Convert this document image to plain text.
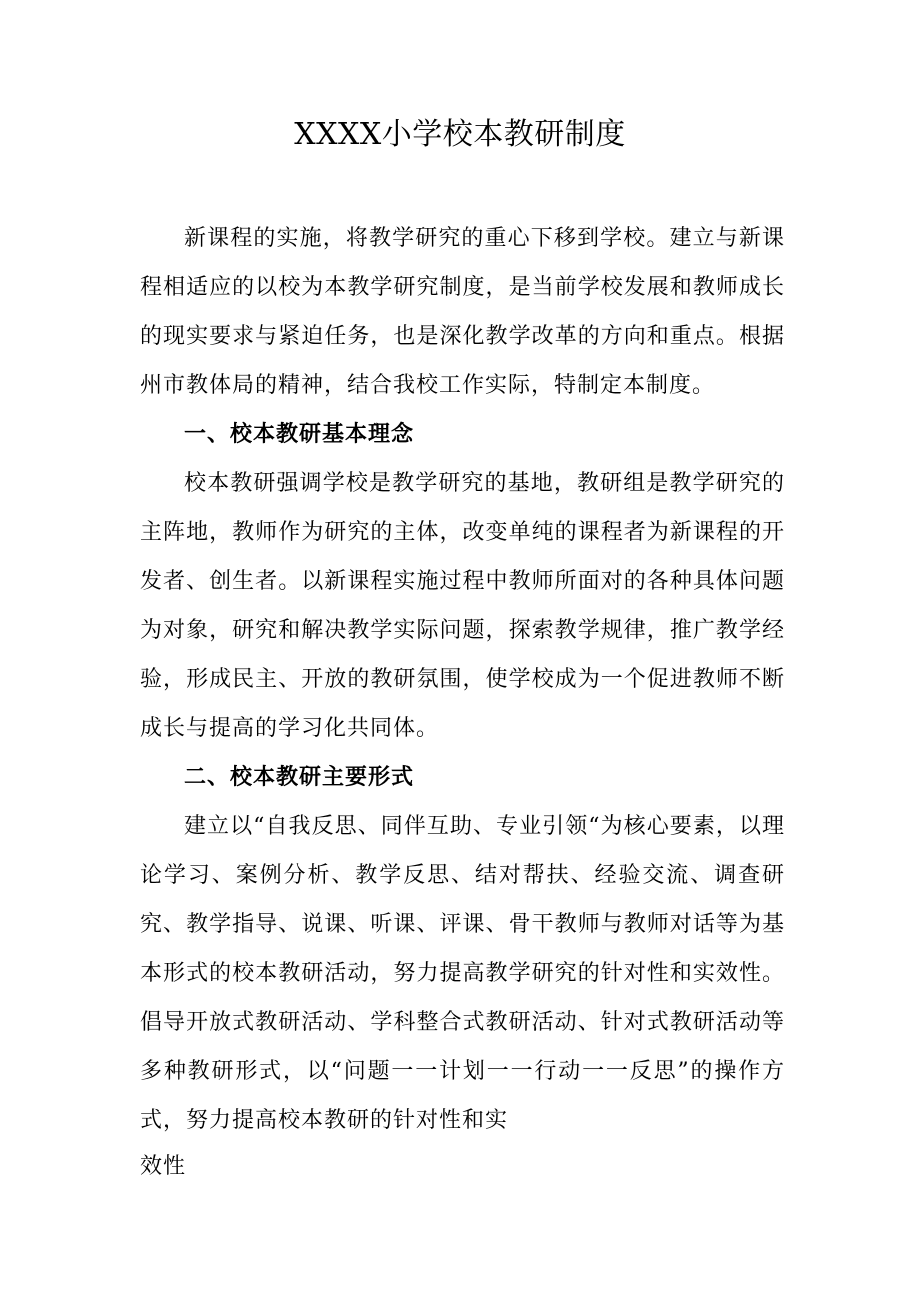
XXXX小学校本教研制度

新课程的实施，将教学研究的重心下移到学校。建立与新课程相适应的以校为本教学研究制度，是当前学校发展和教师成长的现实要求与紧迫任务，也是深化教学改革的方向和重点。根据州市教体局的精神，结合我校工作实际，特制定本制度。

一、校本教研基本理念

校本教研强调学校是教学研究的基地，教研组是教学研究的主阵地，教师作为研究的主体，改变单纯的课程者为新课程的开发者、创生者。以新课程实施过程中教师所面对的各种具体问题为对象，研究和解决教学实际问题，探索教学规律，推广教学经验，形成民主、开放的教研氛围，使学校成为一个促进教师不断成长与提高的学习化共同体。

二、校本教研主要形式

建立以“自我反思、同伴互助、专业引领“为核心要素，以理论学习、案例分析、教学反思、结对帮扶、经验交流、调查研究、教学指导、说课、听课、评课、骨干教师与教师对话等为基本形式的校本教研活动，努力提高教学研究的针对性和实效性。倡导开放式教研活动、学科整合式教研活动、针对式教研活动等多种教研形式，以“问题一一计划一一行动一一反思”的操作方式，努力提高校本教研的针对性和实

效性
